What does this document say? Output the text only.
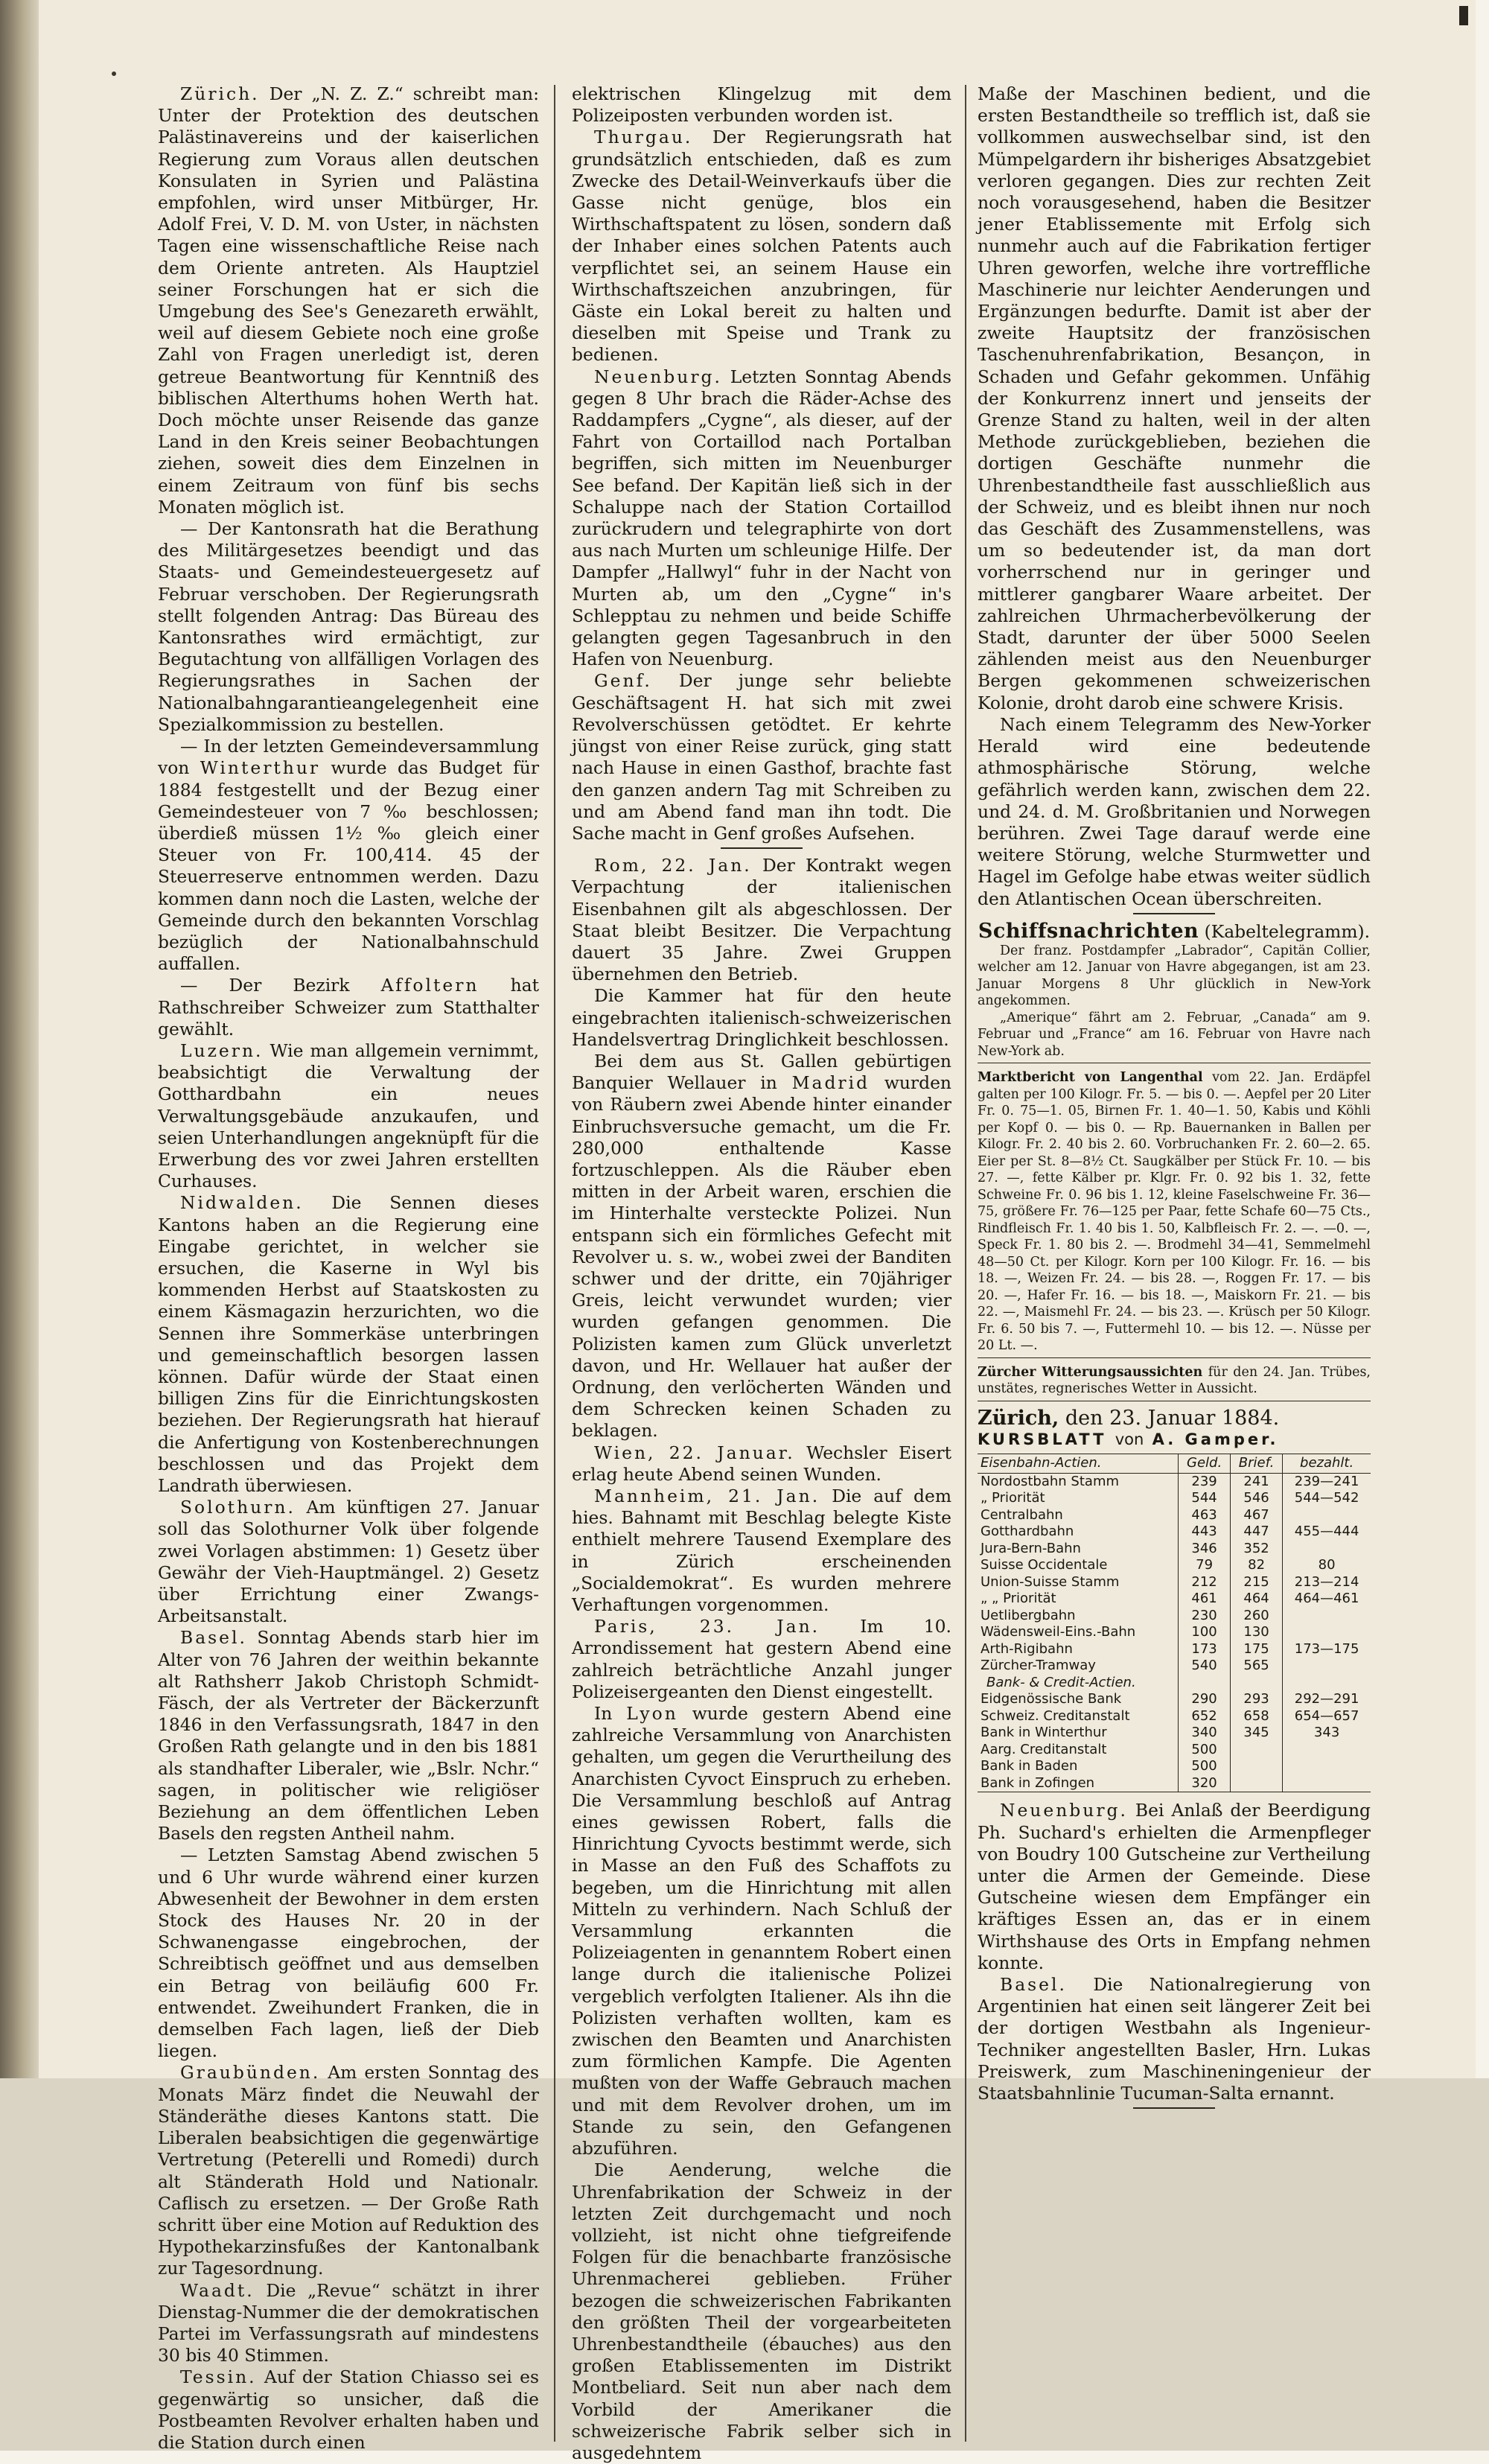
Zürich. Der „N. Z. Z.“ schreibt man: Unter der Protektion des deutschen Palästinavereins und der kaiserlichen Regierung zum Voraus allen deutschen Konsulaten in Syrien und Palästina empfohlen, wird unser Mitbürger, Hr. Adolf Frei, V. D. M. von Uster, in nächsten Tagen eine wissenschaftliche Reise nach dem Oriente antreten. Als Hauptziel seiner Forschungen hat er sich die Umgebung des See's Genezareth erwählt, weil auf diesem Gebiete noch eine große Zahl von Fragen unerledigt ist, deren getreue Beantwortung für Kenntniß des biblischen Alterthums hohen Werth hat. Doch möchte unser Reisende das ganze Land in den Kreis seiner Beobachtungen ziehen, soweit dies dem Einzelnen in einem Zeitraum von fünf bis sechs Monaten möglich ist.

— Der Kantonsrath hat die Berathung des Militärgesetzes beendigt und das Staats- und Gemeindesteuergesetz auf Februar verschoben. Der Regierungsrath stellt folgenden Antrag: Das Büreau des Kantonsrathes wird ermächtigt, zur Begutachtung von allfälligen Vorlagen des Regierungsrathes in Sachen der Nationalbahngarantieangelegenheit eine Spezialkommission zu bestellen.

— In der letzten Gemeindeversammlung von Winterthur wurde das Budget für 1884 festgestellt und der Bezug einer Gemeindesteuer von 7 ‰ beschlossen; überdieß müssen 1½ ‰ gleich einer Steuer von Fr. 100,414. 45 der Steuerreserve entnommen werden. Dazu kommen dann noch die Lasten, welche der Gemeinde durch den bekannten Vorschlag bezüglich der Nationalbahnschuld auffallen.

— Der Bezirk Affoltern hat Rathschreiber Schweizer zum Statthalter gewählt.

Luzern. Wie man allgemein vernimmt, beabsichtigt die Verwaltung der Gotthardbahn ein neues Verwaltungsgebäude anzukaufen, und seien Unterhandlungen angeknüpft für die Erwerbung des vor zwei Jahren erstellten Curhauses.

Nidwalden. Die Sennen dieses Kantons haben an die Regierung eine Eingabe gerichtet, in welcher sie ersuchen, die Kaserne in Wyl bis kommenden Herbst auf Staatskosten zu einem Käsmagazin herzurichten, wo die Sennen ihre Sommerkäse unterbringen und gemeinschaftlich besorgen lassen können. Dafür würde der Staat einen billigen Zins für die Einrichtungskosten beziehen. Der Regierungsrath hat hierauf die Anfertigung von Kostenberechnungen beschlossen und das Projekt dem Landrath überwiesen.

Solothurn. Am künftigen 27. Januar soll das Solothurner Volk über folgende zwei Vorlagen abstimmen: 1) Gesetz über Gewähr der Vieh-Hauptmängel. 2) Gesetz über Errichtung einer Zwangs-Arbeitsanstalt.

Basel. Sonntag Abends starb hier im Alter von 76 Jahren der weithin bekannte alt Rathsherr Jakob Christoph Schmidt-Fäsch, der als Vertreter der Bäckerzunft 1846 in den Verfassungsrath, 1847 in den Großen Rath gelangte und in den bis 1881 als standhafter Liberaler, wie „Bslr. Nchr.“ sagen, in politischer wie religiöser Beziehung an dem öffentlichen Leben Basels den regsten Antheil nahm.

— Letzten Samstag Abend zwischen 5 und 6 Uhr wurde während einer kurzen Abwesenheit der Bewohner in dem ersten Stock des Hauses Nr. 20 in der Schwanengasse eingebrochen, der Schreibtisch geöffnet und aus demselben ein Betrag von beiläufig 600 Fr. entwendet. Zweihundert Franken, die in demselben Fach lagen, ließ der Dieb liegen.

Graubünden. Am ersten Sonntag des Monats März findet die Neuwahl der Ständeräthe dieses Kantons statt. Die Liberalen beabsichtigen die gegenwärtige Vertretung (Peterelli und Romedi) durch alt Ständerath Hold und Nationalr. Caflisch zu ersetzen. — Der Große Rath schritt über eine Motion auf Reduktion des Hypothekarzinsfußes der Kantonalbank zur Tagesordnung.

Waadt. Die „Revue“ schätzt in ihrer Dienstag-Nummer die der demokratischen Partei im Verfassungsrath auf mindestens 30 bis 40 Stimmen.

Tessin. Auf der Station Chiasso sei es gegenwärtig so unsicher, daß die Postbeamten Revolver erhalten haben und die Station durch einen

elektrischen Klingelzug mit dem Polizeiposten verbunden worden ist.

Thurgau. Der Regierungsrath hat grundsätzlich entschieden, daß es zum Zwecke des Detail-Weinverkaufs über die Gasse nicht genüge, blos ein Wirthschaftspatent zu lösen, sondern daß der Inhaber eines solchen Patents auch verpflichtet sei, an seinem Hause ein Wirthschaftszeichen anzubringen, für Gäste ein Lokal bereit zu halten und dieselben mit Speise und Trank zu bedienen.

Neuenburg. Letzten Sonntag Abends gegen 8 Uhr brach die Räder-Achse des Raddampfers „Cygne“, als dieser, auf der Fahrt von Cortaillod nach Portalban begriffen, sich mitten im Neuenburger See befand. Der Kapitän ließ sich in der Schaluppe nach der Station Cortaillod zurückrudern und telegraphirte von dort aus nach Murten um schleunige Hilfe. Der Dampfer „Hallwyl“ fuhr in der Nacht von Murten ab, um den „Cygne“ in's Schlepptau zu nehmen und beide Schiffe gelangten gegen Tagesanbruch in den Hafen von Neuenburg.

Genf. Der junge sehr beliebte Geschäftsagent H. hat sich mit zwei Revolverschüssen getödtet. Er kehrte jüngst von einer Reise zurück, ging statt nach Hause in einen Gasthof, brachte fast den ganzen andern Tag mit Schreiben zu und am Abend fand man ihn todt. Die Sache macht in Genf großes Aufsehen.

Rom, 22. Jan. Der Kontrakt wegen Verpachtung der italienischen Eisenbahnen gilt als abgeschlossen. Der Staat bleibt Besitzer. Die Verpachtung dauert 35 Jahre. Zwei Gruppen übernehmen den Betrieb.

Die Kammer hat für den heute eingebrachten italienisch-schweizerischen Handelsvertrag Dringlichkeit beschlossen.

Bei dem aus St. Gallen gebürtigen Banquier Wellauer in Madrid wurden von Räubern zwei Abende hinter einander Einbruchsversuche gemacht, um die Fr. 280,000 enthaltende Kasse fortzuschleppen. Als die Räuber eben mitten in der Arbeit waren, erschien die im Hinterhalte versteckte Polizei. Nun entspann sich ein förmliches Gefecht mit Revolver u. s. w., wobei zwei der Banditen schwer und der dritte, ein 70jähriger Greis, leicht verwundet wurden; vier wurden gefangen genommen. Die Polizisten kamen zum Glück unverletzt davon, und Hr. Wellauer hat außer der Ordnung, den verlöcherten Wänden und dem Schrecken keinen Schaden zu beklagen.

Wien, 22. Januar. Wechsler Eisert erlag heute Abend seinen Wunden.

Mannheim, 21. Jan. Die auf dem hies. Bahnamt mit Beschlag belegte Kiste enthielt mehrere Tausend Exemplare des in Zürich erscheinenden „Socialdemokrat“. Es wurden mehrere Verhaftungen vorgenommen.

Paris, 23. Jan. Im 10. Arrondissement hat gestern Abend eine zahlreich beträchtliche Anzahl junger Polizeisergeanten den Dienst eingestellt.

In Lyon wurde gestern Abend eine zahlreiche Versammlung von Anarchisten gehalten, um gegen die Verurtheilung des Anarchisten Cyvoct Einspruch zu erheben. Die Versammlung beschloß auf Antrag eines gewissen Robert, falls die Hinrichtung Cyvocts bestimmt werde, sich in Masse an den Fuß des Schaffots zu begeben, um die Hinrichtung mit allen Mitteln zu verhindern. Nach Schluß der Versammlung erkannten die Polizeiagenten in genanntem Robert einen lange durch die italienische Polizei vergeblich verfolgten Italiener. Als ihn die Polizisten verhaften wollten, kam es zwischen den Beamten und Anarchisten zum förmlichen Kampfe. Die Agenten mußten von der Waffe Gebrauch machen und mit dem Revolver drohen, um im Stande zu sein, den Gefangenen abzuführen.

Die Aenderung, welche die Uhrenfabrikation der Schweiz in der letzten Zeit durchgemacht und noch vollzieht, ist nicht ohne tiefgreifende Folgen für die benachbarte französische Uhrenmacherei geblieben. Früher bezogen die schweizerischen Fabrikanten den größten Theil der vorgearbeiteten Uhrenbestandtheile (ébauches) aus den großen Etablissementen im Distrikt Montbeliard. Seit nun aber nach dem Vorbild der Amerikaner die schweizerische Fabrik selber sich in ausgedehntem

Maße der Maschinen bedient, und die ersten Bestandtheile so trefflich ist, daß sie vollkommen auswechselbar sind, ist den Mümpelgardern ihr bisheriges Absatzgebiet verloren gegangen. Dies zur rechten Zeit noch vorausgesehend, haben die Besitzer jener Etablissemente mit Erfolg sich nunmehr auch auf die Fabrikation fertiger Uhren geworfen, welche ihre vortreffliche Maschinerie nur leichter Aenderungen und Ergänzungen bedurfte. Damit ist aber der zweite Hauptsitz der französischen Taschenuhrenfabrikation, Besançon, in Schaden und Gefahr gekommen. Unfähig der Konkurrenz innert und jenseits der Grenze Stand zu halten, weil in der alten Methode zurückgeblieben, beziehen die dortigen Geschäfte nunmehr die Uhrenbestandtheile fast ausschließlich aus der Schweiz, und es bleibt ihnen nur noch das Geschäft des Zusammenstellens, was um so bedeutender ist, da man dort vorherrschend nur in geringer und mittlerer gangbarer Waare arbeitet. Der zahlreichen Uhrmacherbevölkerung der Stadt, darunter der über 5000 Seelen zählenden meist aus den Neuenburger Bergen gekommenen schweizerischen Kolonie, droht darob eine schwere Krisis.

Nach einem Telegramm des New-Yorker Herald wird eine bedeutende athmosphärische Störung, welche gefährlich werden kann, zwischen dem 22. und 24. d. M. Großbritanien und Norwegen berühren. Zwei Tage darauf werde eine weitere Störung, welche Sturmwetter und Hagel im Gefolge habe etwas weiter südlich den Atlantischen Ocean überschreiten.

Schiffsnachrichten (Kabeltelegramm).

Der franz. Postdampfer „Labrador“, Capitän Collier, welcher am 12. Januar von Havre abgegangen, ist am 23. Januar Morgens 8 Uhr glücklich in New-York angekommen.

„Amerique“ fährt am 2. Februar, „Canada“ am 9. Februar und „France“ am 16. Februar von Havre nach New-York ab.

Marktbericht von Langenthal vom 22. Jan. Erdäpfel galten per 100 Kilogr. Fr. 5. — bis 0. —. Aepfel per 20 Liter Fr. 0. 75—1. 05, Birnen Fr. 1. 40—1. 50, Kabis und Köhli per Kopf 0. — bis 0. — Rp. Bauernanken in Ballen per Kilogr. Fr. 2. 40 bis 2. 60. Vorbruchanken Fr. 2. 60—2. 65. Eier per St. 8—8½ Ct. Saugkälber per Stück Fr. 10. — bis 27. —, fette Kälber pr. Klgr. Fr. 0. 92 bis 1. 32, fette Schweine Fr. 0. 96 bis 1. 12, kleine Faselschweine Fr. 36—75, größere Fr. 76—125 per Paar, fette Schafe 60—75 Cts., Rindfleisch Fr. 1. 40 bis 1. 50, Kalbfleisch Fr. 2. —. —0. —, Speck Fr. 1. 80 bis 2. —. Brodmehl 34—41, Semmelmehl 48—50 Ct. per Kilogr. Korn per 100 Kilogr. Fr. 16. — bis 18. —, Weizen Fr. 24. — bis 28. —, Roggen Fr. 17. — bis 20. —, Hafer Fr. 16. — bis 18. —, Maiskorn Fr. 21. — bis 22. —, Maismehl Fr. 24. — bis 23. —. Krüsch per 50 Kilogr. Fr. 6. 50 bis 7. —, Futtermehl 10. — bis 12. —. Nüsse per 20 Lt. —.

Zürcher Witterungsaussichten für den 24. Jan. Trübes, unstätes, regnerisches Wetter in Aussicht.

Zürich, den 23. Januar 1884.
KURSBLATT von A. Gamper.
Eisenbahn-Actien.	Geld.	Brief.	bezahlt.
Nordostbahn Stamm	239	241	239—241
„ Priorität	544	546	544—542
Centralbahn	463	467	
Gotthardbahn	443	447	455—444
Jura-Bern-Bahn	346	352	
Suisse Occidentale	79	82	80
Union-Suisse Stamm	212	215	213—214
„ „ Priorität	461	464	464—461
Uetlibergbahn	230	260	
Wädensweil-Eins.-Bahn	100	130	
Arth-Rigibahn	173	175	173—175
Zürcher-Tramway	540	565	
Bank- & Credit-Actien.			
Eidgenössische Bank	290	293	292—291
Schweiz. Creditanstalt	652	658	654—657
Bank in Winterthur	340	345	343
Aarg. Creditanstalt	500		
Bank in Baden	500		
Bank in Zofingen	320		

Neuenburg. Bei Anlaß der Beerdigung Ph. Suchard's erhielten die Armenpfleger von Boudry 100 Gutscheine zur Vertheilung unter die Armen der Gemeinde. Diese Gutscheine wiesen dem Empfänger ein kräftiges Essen an, das er in einem Wirthshause des Orts in Empfang nehmen konnte.

Basel. Die Nationalregierung von Argentinien hat einen seit längerer Zeit bei der dortigen Westbahn als Ingenieur-Techniker angestellten Basler, Hrn. Lukas Preiswerk, zum Maschineningenieur der Staatsbahnlinie Tucuman-Salta ernannt.
